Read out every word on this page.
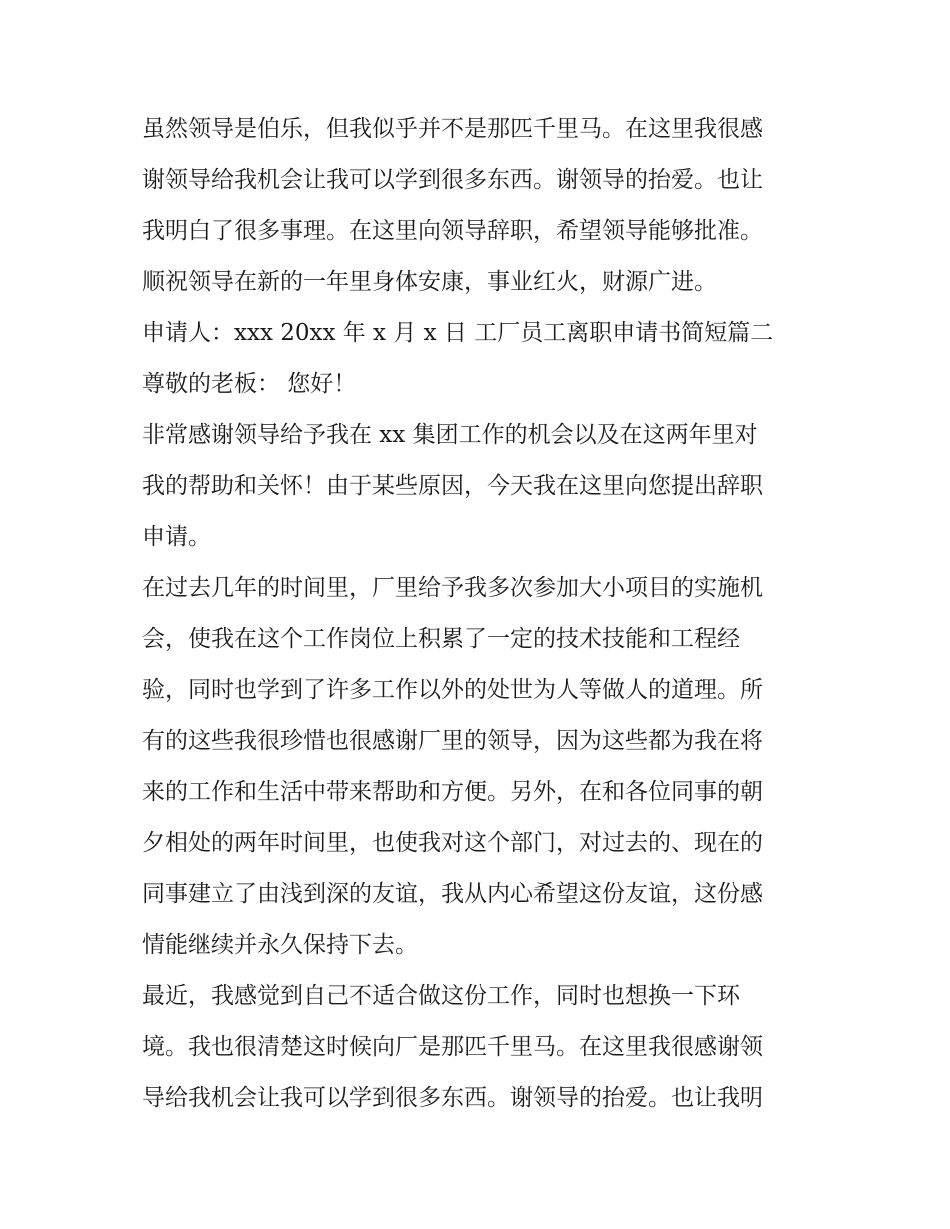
虽然领导是伯乐，但我似乎并不是那匹千里马。在这里我很感
谢领导给我机会让我可以学到很多东西。谢领导的抬爱。也让
我明白了很多事理。在这里向领导辞职，希望领导能够批准。
顺祝领导在新的一年里身体安康，事业红火，财源广进。
申请人：xxx 20xx 年 x 月 x 日 工厂员工离职申请书简短篇二
尊敬的老板： 您好！
非常感谢领导给予我在 xx 集团工作的机会以及在这两年里对
我的帮助和关怀！由于某些原因，今天我在这里向您提出辞职
申请。
在过去几年的时间里，厂里给予我多次参加大小项目的实施机
会，使我在这个工作岗位上积累了一定的技术技能和工程经
验，同时也学到了许多工作以外的处世为人等做人的道理。所
有的这些我很珍惜也很感谢厂里的领导，因为这些都为我在将
来的工作和生活中带来帮助和方便。另外，在和各位同事的朝
夕相处的两年时间里，也使我对这个部门，对过去的、现在的
同事建立了由浅到深的友谊，我从内心希望这份友谊，这份感
情能继续并永久保持下去。
最近，我感觉到自己不适合做这份工作，同时也想换一下环
境。我也很清楚这时候向厂是那匹千里马。在这里我很感谢领
导给我机会让我可以学到很多东西。谢领导的抬爱。也让我明
